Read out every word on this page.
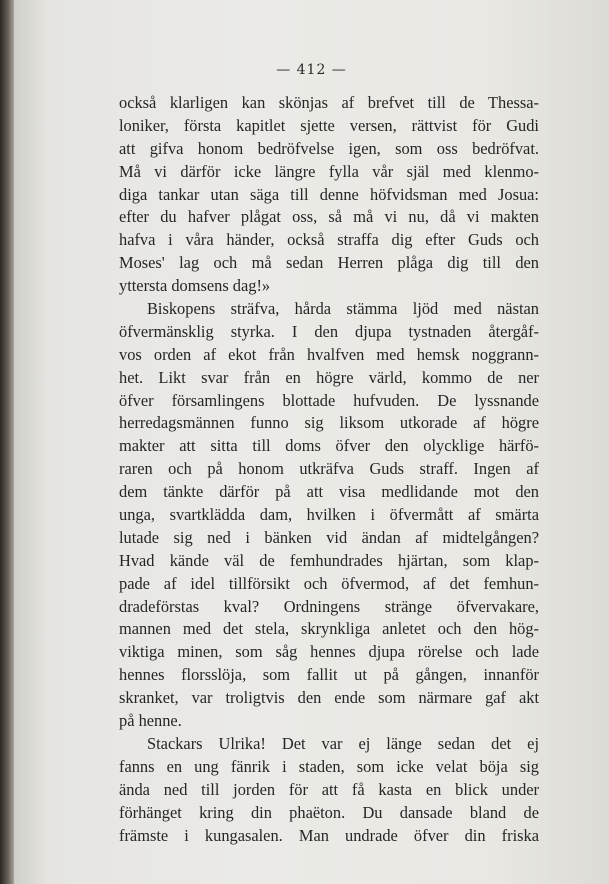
— 412 —
också klarligen kan skönjas af brefvet till de Thessa-
loniker, första kapitlet sjette versen, rättvist för Gudi
att gifva honom bedröfvelse igen, som oss bedröfvat.
Må vi därför icke längre fylla vår själ med klenmo-
diga tankar utan säga till denne höfvidsman med Josua:
efter du hafver plågat oss, så må vi nu, då vi makten
hafva i våra händer, också straffa dig efter Guds och
Moses' lag och må sedan Herren plåga dig till den
yttersta domsens dag!»
Biskopens sträfva, hårda stämma ljöd med nästan
öfvermänsklig styrka. I den djupa tystnaden återgåf-
vos orden af ekot från hvalfven med hemsk noggrann-
het. Likt svar från en högre värld, kommo de ner
öfver församlingens blottade hufvuden. De lyssnande
herredagsmännen funno sig liksom utkorade af högre
makter att sitta till doms öfver den olycklige härfö-
raren och på honom utkräfva Guds straff. Ingen af
dem tänkte därför på att visa medlidande mot den
unga, svartklädda dam, hvilken i öfvermått af smärta
lutade sig ned i bänken vid ändan af midtelgången?
Hvad kände väl de femhundrades hjärtan, som klap-
pade af idel tillförsikt och öfvermod, af det femhun-
dradeförstas kval? Ordningens stränge öfvervakare,
mannen med det stela, skrynkliga anletet och den hög-
viktiga minen, som såg hennes djupa rörelse och lade
hennes florsslöja, som fallit ut på gången, innanför
skranket, var troligtvis den ende som närmare gaf akt
på henne.
Stackars Ulrika! Det var ej länge sedan det ej
fanns en ung fänrik i staden, som icke velat böja sig
ända ned till jorden för att få kasta en blick under
förhänget kring din phaëton. Du dansade bland de
främste i kungasalen. Man undrade öfver din friska
